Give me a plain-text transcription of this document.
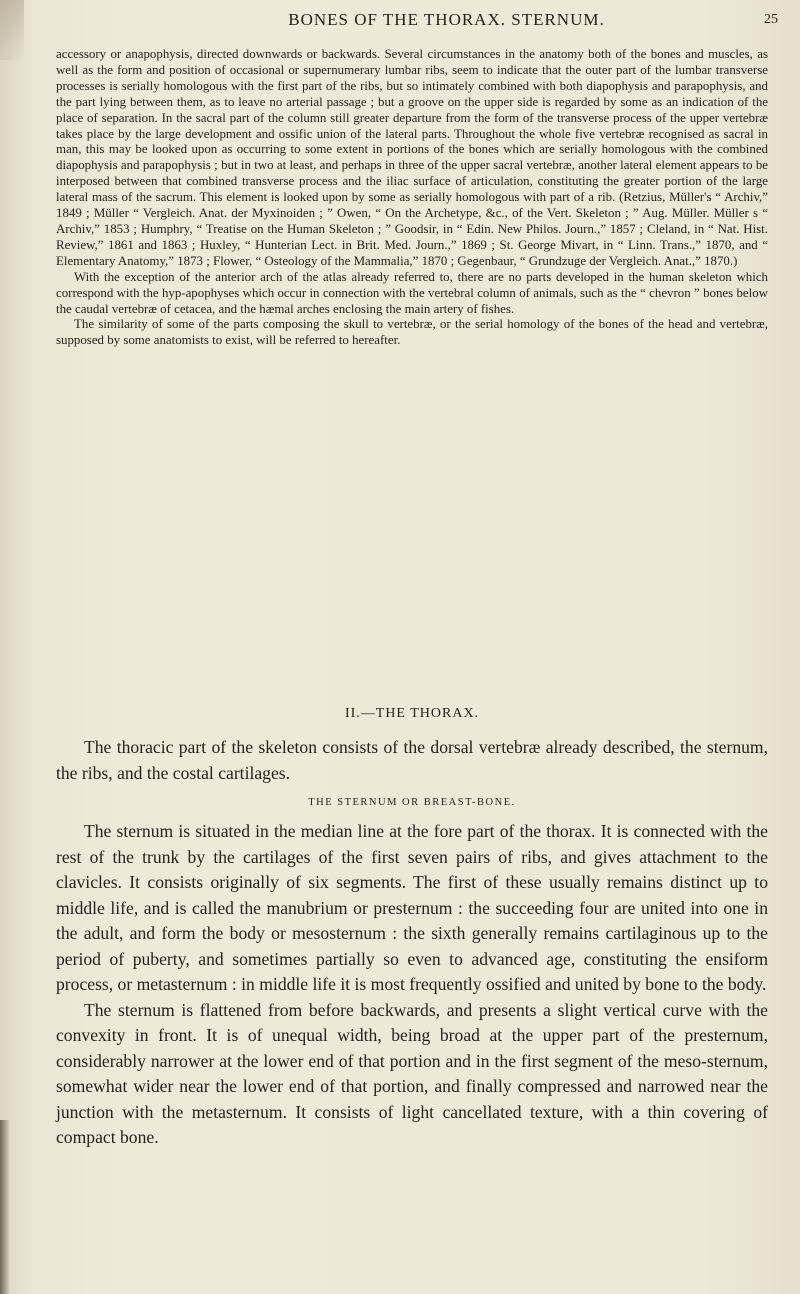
BONES OF THE THORAX. STERNUM.	25

accessory or anapophysis, directed downwards or backwards. Several circumstances in the anatomy both of the bones and muscles, as well as the form and position of occasional or supernumerary lumbar ribs, seem to indicate that the outer part of the lumbar transverse processes is serially homologous with the first part of the ribs, but so intimately combined with both diapophysis and parapophysis, and the part lying between them, as to leave no arterial passage ; but a groove on the upper side is regarded by some as an indication of the place of separation. In the sacral part of the column still greater departure from the form of the transverse process of the upper vertebræ takes place by the large development and ossific union of the lateral parts. Throughout the whole five vertebræ recognised as sacral in man, this may be looked upon as occurring to some extent in portions of the bones which are serially homologous with the combined diapophysis and parapophysis ; but in two at least, and perhaps in three of the upper sacral vertebræ, another lateral element appears to be interposed between that combined transverse process and the iliac surface of articulation, constituting the greater portion of the large lateral mass of the sacrum. This element is looked upon by some as serially homologous with part of a rib. (Retzius, Müller's “ Archiv,” 1849 ; Müller “ Vergleich. Anat. der Myxinoiden ; ” Owen, “ On the Archetype, &c., of the Vert. Skeleton ; ” Aug. Müller. Müller s “ Archiv,” 1853 ; Humphry, “ Treatise on the Human Skeleton ; ” Goodsir, in “ Edin. New Philos. Journ.,” 1857 ; Cleland, in “ Nat. Hist. Review,” 1861 and 1863 ; Huxley, “ Hunterian Lect. in Brit. Med. Journ.,” 1869 ; St. George Mivart, in “ Linn. Trans.,” 1870, and “ Elementary Anatomy,” 1873 ; Flower, “ Osteology of the Mammalia,” 1870 ; Gegenbaur, “ Grundzuge der Vergleich. Anat.,” 1870.)

With the exception of the anterior arch of the atlas already referred to, there are no parts developed in the human skeleton which correspond with the hyp-apophyses which occur in connection with the vertebral column of animals, such as the “ chevron ” bones below the caudal vertebræ of cetacea, and the hæmal arches enclosing the main artery of fishes.

The similarity of some of the parts composing the skull to vertebræ, or the serial homology of the bones of the head and vertebræ, supposed by some anatomists to exist, will be referred to hereafter.

II.—THE THORAX.

The thoracic part of the skeleton consists of the dorsal vertebræ already described, the sternum, the ribs, and the costal cartilages.

THE STERNUM OR BREAST-BONE.

The sternum is situated in the median line at the fore part of the thorax. It is connected with the rest of the trunk by the cartilages of the first seven pairs of ribs, and gives attachment to the clavicles. It consists originally of six segments. The first of these usually remains distinct up to middle life, and is called the manubrium or presternum : the succeeding four are united into one in the adult, and form the body or mesosternum : the sixth generally remains cartilaginous up to the period of puberty, and sometimes partially so even to advanced age, constituting the ensiform process, or metasternum : in middle life it is most frequently ossified and united by bone to the body.

The sternum is flattened from before backwards, and presents a slight vertical curve with the convexity in front. It is of unequal width, being broad at the upper part of the presternum, considerably narrower at the lower end of that portion and in the first segment of the meso-sternum, somewhat wider near the lower end of that portion, and finally compressed and narrowed near the junction with the metasternum. It consists of light cancellated texture, with a thin covering of compact bone.
